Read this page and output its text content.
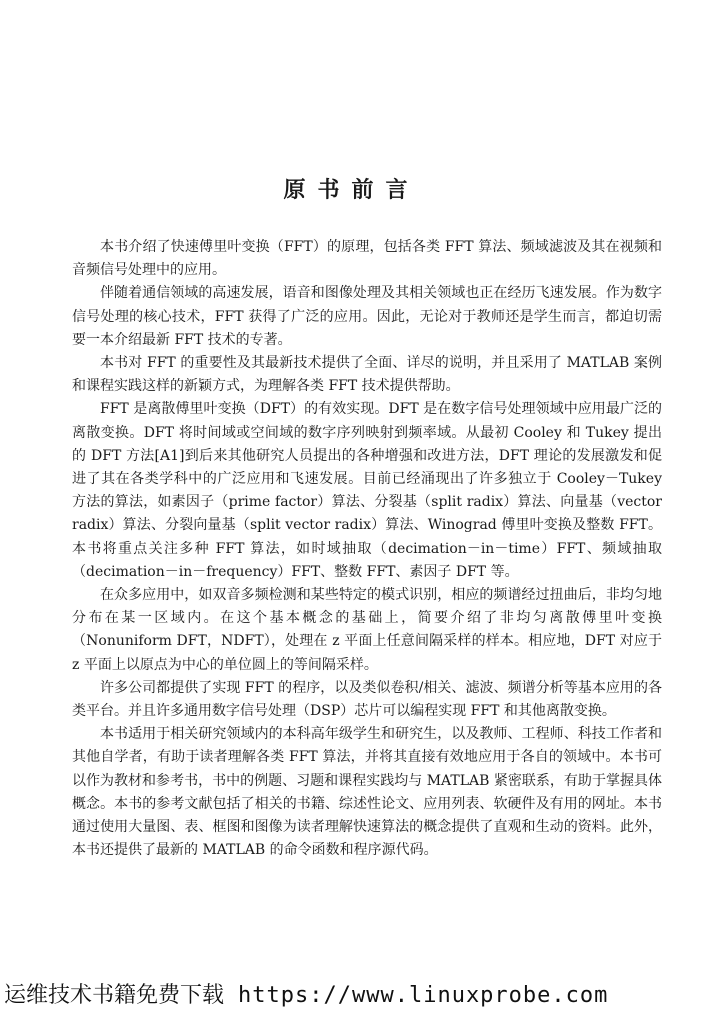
原书前言

本书介绍了快速傅里叶变换（FFT）的原理，包括各类 FFT 算法、频域滤波及其在视频和音频信号处理中的应用。

伴随着通信领域的高速发展，语音和图像处理及其相关领域也正在经历飞速发展。作为数字信号处理的核心技术，FFT 获得了广泛的应用。因此，无论对于教师还是学生而言，都迫切需要一本介绍最新 FFT 技术的专著。

本书对 FFT 的重要性及其最新技术提供了全面、详尽的说明，并且采用了 MATLAB 案例和课程实践这样的新颖方式，为理解各类 FFT 技术提供帮助。

FFT 是离散傅里叶变换（DFT）的有效实现。DFT 是在数字信号处理领域中应用最广泛的离散变换。DFT 将时间域或空间域的数字序列映射到频率域。从最初 Cooley 和 Tukey 提出的 DFT 方法[A1]到后来其他研究人员提出的各种增强和改进方法，DFT 理论的发展激发和促进了其在各类学科中的广泛应用和飞速发展。目前已经涌现出了许多独立于 Cooley－Tukey 方法的算法，如素因子（prime factor）算法、分裂基（split radix）算法、向量基（vector radix）算法、分裂向量基（split vector radix）算法、Winograd 傅里叶变换及整数 FFT。本书将重点关注多种 FFT 算法，如时域抽取（decimation－in－time）FFT、频域抽取（decimation－in－frequency）FFT、整数 FFT、素因子 DFT 等。

在众多应用中，如双音多频检测和某些特定的模式识别，相应的频谱经过扭曲后，非均匀地分布在某一区域内。在这个基本概念的基础上，简要介绍了非均匀离散傅里叶变换（Nonuniform DFT，NDFT），处理在 z 平面上任意间隔采样的样本。相应地，DFT 对应于 z 平面上以原点为中心的单位圆上的等间隔采样。

许多公司都提供了实现 FFT 的程序，以及类似卷积/相关、滤波、频谱分析等基本应用的各类平台。并且许多通用数字信号处理（DSP）芯片可以编程实现 FFT 和其他离散变换。

本书适用于相关研究领域内的本科高年级学生和研究生，以及教师、工程师、科技工作者和其他自学者，有助于读者理解各类 FFT 算法，并将其直接有效地应用于各自的领域中。本书可以作为教材和参考书，书中的例题、习题和课程实践均与 MATLAB 紧密联系，有助于掌握具体概念。本书的参考文献包括了相关的书籍、综述性论文、应用列表、软硬件及有用的网址。本书通过使用大量图、表、框图和图像为读者理解快速算法的概念提供了直观和生动的资料。此外，本书还提供了最新的 MATLAB 的命令函数和程序源代码。

运维技术书籍免费下载 https://www.linuxprobe.com
